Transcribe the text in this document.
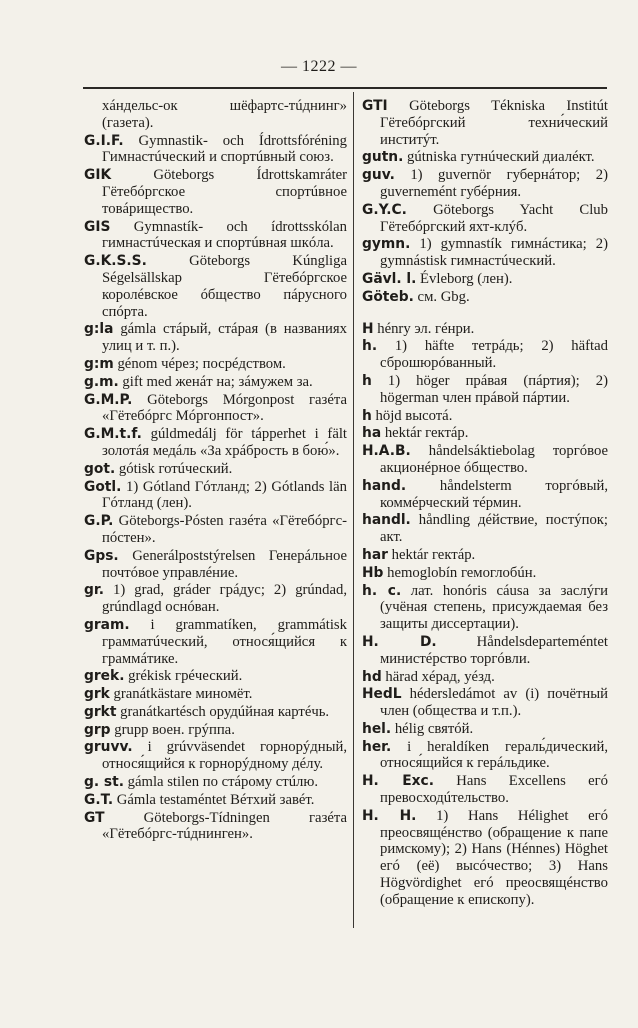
— 1222 —

хáндельс-ок шёфартс-тúднинг» (газета).

G.I.F. Gymnastik- och Ídrottsfóréning Гимнастúческий и спортúвный союз.

GIK	Göteborgs Ídrottskamráter Гётебóргское спортúвное товáрищество.

GIS Gymnastík- och ídrottsskólan гимнастúческая и спортúвная шкóла.

G.K.S.S.	Göteborgs Kúngliga Ségelsällskap Гётебóргское королéвское óбщество пáрусного спóрта.

g:la gámla стáрый, стáрая (в названиях улиц и т. п.).

g:m génom чéрез; посрéдством.

g.m. gift med женáт на; зáмужем за.

G.M.P. Göteborgs Mórgonpost газéта «Гётебóргс Мóргонпост».

G.M.t.f. gúldmedálj för tápperhet i fält золотáя медáль «За хрáбрость в бою́».

got. gótisk готúческий.

Gotl. 1) Gótland Гóтланд; 2) Gótlands län Гóтланд (лен).

G.P. Göteborgs-Pósten газéта «Гётебóргс-пóстен».

Gps. Generálpoststýrelsen Генерáльное почтóвое управлéние.

gr. 1) grad, gráder грáдус; 2) grúndad, grúndlagd оснóван.

gram. i grammatíken, grammátisk грамматúческий, относя́щийся к граммáтике.

grek. grékisk грéческий.

grk granátkästare миномёт.

grkt granátkartésch орудúйная картéчь.

grp grupp воен. грýппа.

gruvv. i grúvväsendet горнорýдный, относя́щийся к горнорýдному дéлу.

g. st. gámla stilen по стáрому стúлю.

G.T. Gámla testaméntet Вéтхий завéт.

GT	Göteborgs-Tídningen газéта «Гётебóргс-тúднинген».

GTI Göteborgs Tékniska Institút Гётебóргский техни́ческий инститýт.

gutn. gútniska гутнúческий диалéкт.

guv. 1) guvernör губернáтор; 2) guvernemént губéрния.

G.Y.C. Göteborgs Yacht Club Гётебóргский яхт-клýб.

gymn. 1) gymnastík гимнáстика; 2) gymnástisk гимнастúческий.

Gävl. l. Évleborg (лен).

Göteb. см. Gbg.

H hénry эл. гéнри.

h. 1) häfte тетрáдь; 2) häftad сброшюрóванный.

h 1) höger прáвая (пáртия); 2) högerman член прáвой пáртии.

h höjd высотá.

ha hektár гектáр.

H.A.B. håndelsáktiebolag торгóвое акционéрное óбщество.

hand. håndelsterm торгóвый, коммéрческий тéрмин.

handl. håndling дéйствие, постýпок; акт.

har hektár гектáр.

Hb hemoglobín гемоглобúн.

h. c. лат. honóris cáusa за заслýги (учёная степень, присуждаемая без защиты диссертации).

H. D.	Håndelsdeparteméntet министéрство торгóвли.

hd härad хéрад, уéзд.

HedL hédersledámot av (i) почётный член (общества и т.п.).

hel. hélig святóй.

her. i heraldíken гераль́дический, относя́щийся к герáльдике.

H. Exc. Hans Excellens егó превосходúтельство.

H. H. 1) Hans Hélighet егó преосвящéнство (обращение к папе римскому); 2) Hans (Hénnes) Höghet егó (её) высóчество; 3) Hans Högvördighet егó преосвящéнство (обращение к епископу).
